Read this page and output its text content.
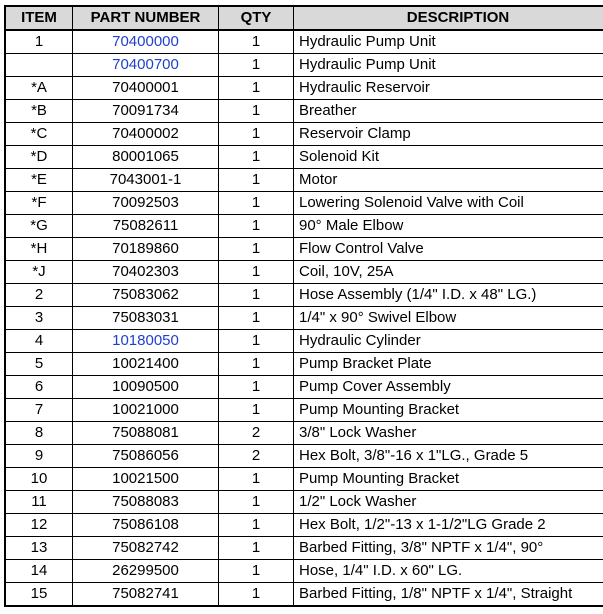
ITEM	PART NUMBER	QTY	DESCRIPTION
1	70400000	1	Hydraulic Pump Unit
	70400700	1	Hydraulic Pump Unit
*A	70400001	1	Hydraulic Reservoir
*B	70091734	1	Breather
*C	70400002	1	Reservoir Clamp
*D	80001065	1	Solenoid Kit
*E	7043001-1	1	Motor
*F	70092503	1	Lowering Solenoid Valve with Coil
*G	75082611	1	90° Male Elbow
*H	70189860	1	Flow Control Valve
*J	70402303	1	Coil, 10V, 25A
2	75083062	1	Hose Assembly (1/4" I.D. x 48" LG.)
3	75083031	1	1/4" x 90° Swivel Elbow
4	10180050	1	Hydraulic Cylinder
5	10021400	1	Pump Bracket Plate
6	10090500	1	Pump Cover Assembly
7	10021000	1	Pump Mounting Bracket
8	75088081	2	3/8" Lock Washer
9	75086056	2	Hex Bolt, 3/8"-16 x 1"LG., Grade 5
10	10021500	1	Pump Mounting Bracket
11	75088083	1	1/2" Lock Washer
12	75086108	1	Hex Bolt, 1/2"-13 x 1-1/2"LG Grade 2
13	75082742	1	Barbed Fitting, 3/8" NPTF x 1/4", 90°
14	26299500	1	Hose, 1/4" I.D. x 60" LG.
15	75082741	1	Barbed Fitting, 1/8" NPTF x 1/4", Straight
